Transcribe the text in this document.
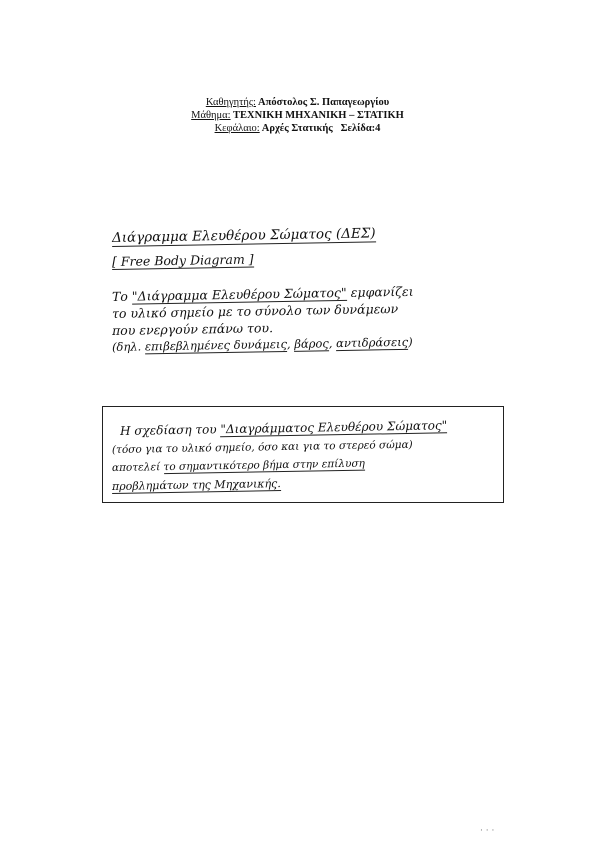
Καθηγητής: Απόστολος Σ. Παπαγεωργίου
Μάθημα: ΤΕΧΝΙΚΗ ΜΗΧΑΝΙΚΗ – ΣΤΑΤΙΚΗ
Κεφάλαιο: Αρχές Στατικής Σελίδα:4
Διάγραμμα Ελευθέρου Σώματος (ΔΕΣ)
[ Free Body Diagram ]
Το "Διάγραμμα Ελευθέρου Σώματος" εμφανίζει
το υλικό σημείο με το σύνολο των δυνάμεων
που ενεργούν επάνω του.
(δηλ. επιβεβλημένες δυνάμεις, βάρος, αντιδράσεις)
Η σχεδίαση του "Διαγράμματος Ελευθέρου Σώματος"
(τόσο για το υλικό σημείο, όσο και για το στερεό σώμα)
αποτελεί το σημαντικότερο βήμα στην επίλυση
προβλημάτων της Μηχανικής.
· · ·
